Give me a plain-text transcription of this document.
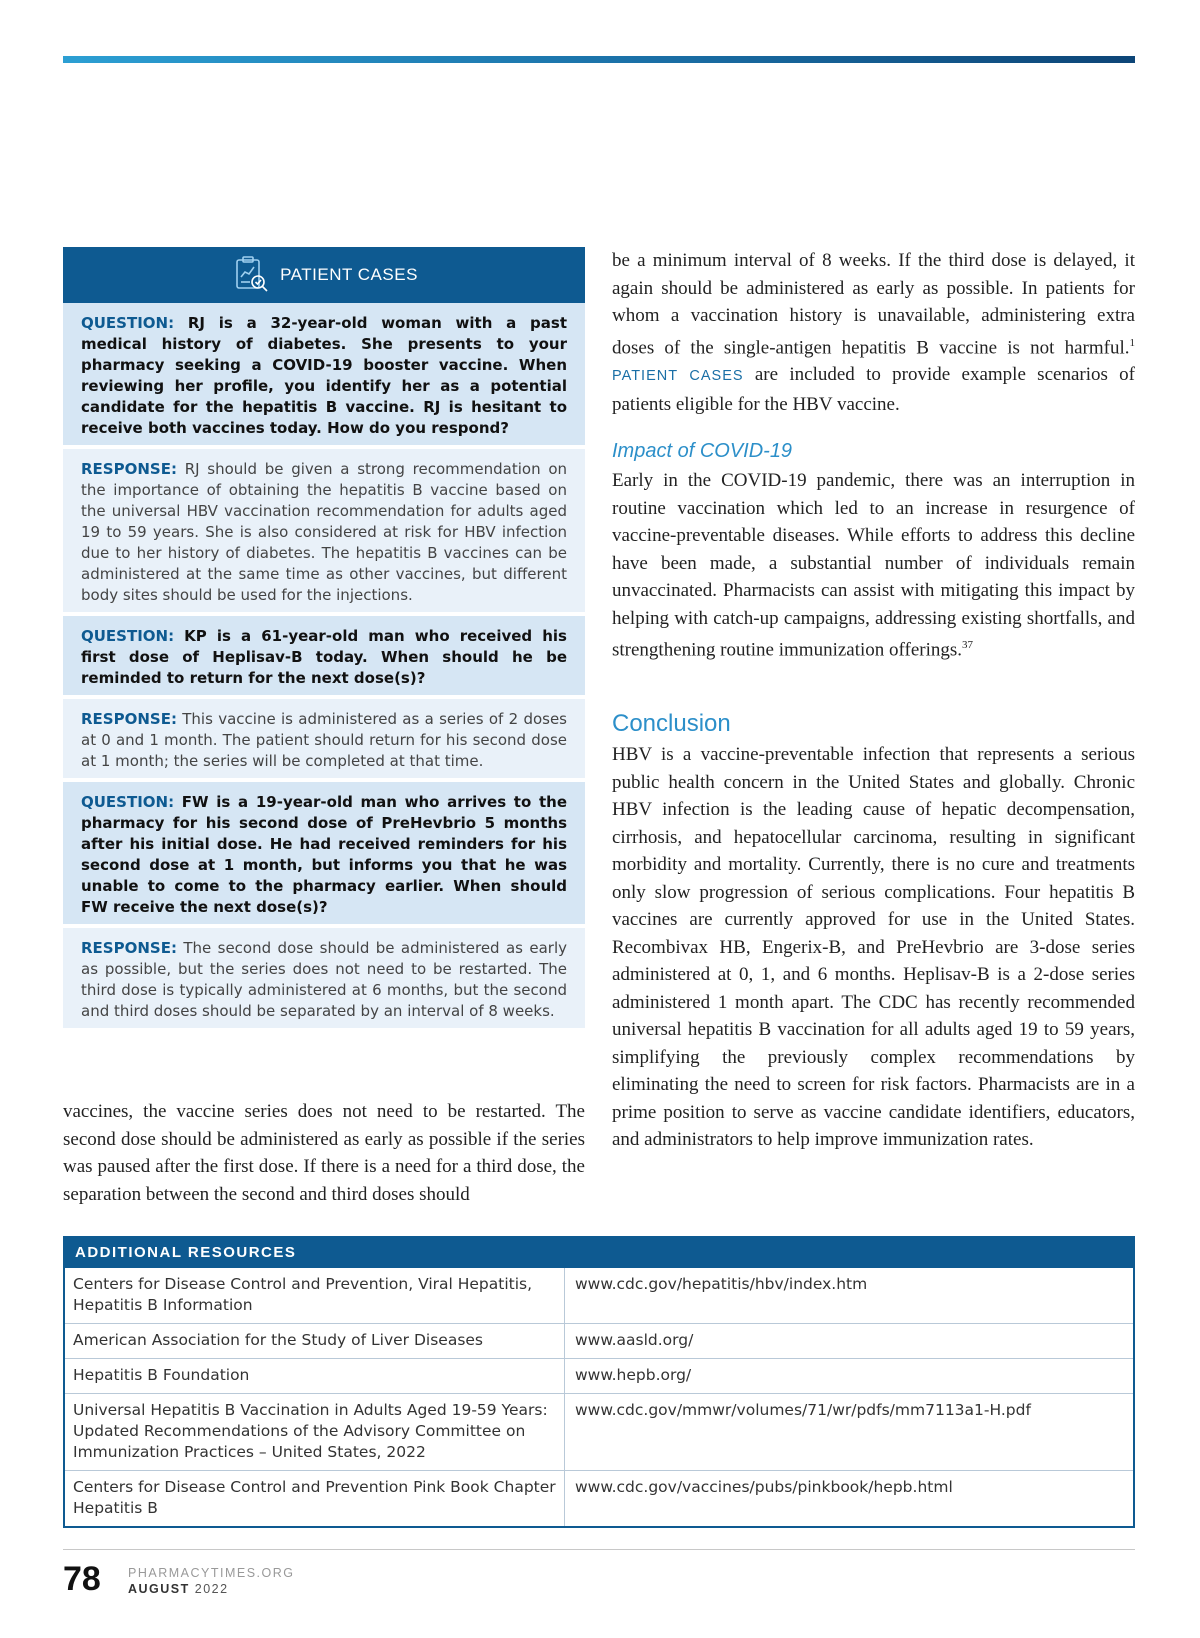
PATIENT CASES
QUESTION: RJ is a 32-year-old woman with a past medical history of diabetes. She presents to your pharmacy seeking a COVID-19 booster vaccine. When reviewing her profile, you identify her as a potential candidate for the hepatitis B vaccine. RJ is hesitant to receive both vaccines today. How do you respond?
RESPONSE: RJ should be given a strong recommendation on the importance of obtaining the hepatitis B vaccine based on the universal HBV vaccination recommendation for adults aged 19 to 59 years. She is also considered at risk for HBV infection due to her history of diabetes. The hepatitis B vaccines can be administered at the same time as other vaccines, but different body sites should be used for the injections.
QUESTION: KP is a 61-year-old man who received his first dose of Heplisav-B today. When should he be reminded to return for the next dose(s)?
RESPONSE: This vaccine is administered as a series of 2 doses at 0 and 1 month. The patient should return for his second dose at 1 month; the series will be completed at that time.
QUESTION: FW is a 19-year-old man who arrives to the pharmacy for his second dose of PreHevbrio 5 months after his initial dose. He had received reminders for his second dose at 1 month, but informs you that he was unable to come to the pharmacy earlier. When should FW receive the next dose(s)?
RESPONSE: The second dose should be administered as early as possible, but the series does not need to be restarted. The third dose is typically administered at 6 months, but the second and third doses should be separated by an interval of 8 weeks.

vaccines, the vaccine series does not need to be restarted. The second dose should be administered as early as possible if the series was paused after the first dose. If there is a need for a third dose, the separation between the second and third doses should

be a minimum interval of 8 weeks. If the third dose is delayed, it again should be administered as early as possible. In patients for whom a vaccination history is unavailable, administering extra doses of the single-antigen hepatitis B vaccine is not harmful.$^1$ PATIENT CASES are included to provide example scenarios of patients eligible for the HBV vaccine.

Impact of COVID-19

Early in the COVID-19 pandemic, there was an interruption in routine vaccination which led to an increase in resurgence of vaccine-preventable diseases. While efforts to address this decline have been made, a substantial number of individuals remain unvaccinated. Pharmacists can assist with mitigating this impact by helping with catch-up campaigns, addressing existing shortfalls, and strengthening routine immunization offerings.$^{37}$

Conclusion

HBV is a vaccine-preventable infection that represents a serious public health concern in the United States and globally. Chronic HBV infection is the leading cause of hepatic decompensation, cirrhosis, and hepatocellular carcinoma, resulting in significant morbidity and mortality. Currently, there is no cure and treatments only slow progression of serious complications. Four hepatitis B vaccines are currently approved for use in the United States. Recombivax HB, Engerix-B, and PreHevbrio are 3-dose series administered at 0, 1, and 6 months. Heplisav-B is a 2-dose series administered 1 month apart. The CDC has recently recommended universal hepatitis B vaccination for all adults aged 19 to 59 years, simplifying the previously complex recommendations by eliminating the need to screen for risk factors. Pharmacists are in a prime position to serve as vaccine candidate identifiers, educators, and administrators to help improve immunization rates.

ADDITIONAL RESOURCES
Centers for Disease Control and Prevention, Viral Hepatitis, Hepatitis B Information
www.cdc.gov/hepatitis/hbv/index.htm
American Association for the Study of Liver Diseases	www.aasld.org/
Hepatitis B Foundation	www.hepb.org/
Universal Hepatitis B Vaccination in Adults Aged 19-59 Years: Updated Recommendations of the Advisory Committee on Immunization Practices – United States, 2022
www.cdc.gov/mmwr/volumes/71/wr/pdfs/mm7113a1-H.pdf
Centers for Disease Control and Prevention Pink Book Chapter Hepatitis B
www.cdc.gov/vaccines/pubs/pinkbook/hepb.html
78 PHARMACYTIMES.ORG
AUGUST 2022
